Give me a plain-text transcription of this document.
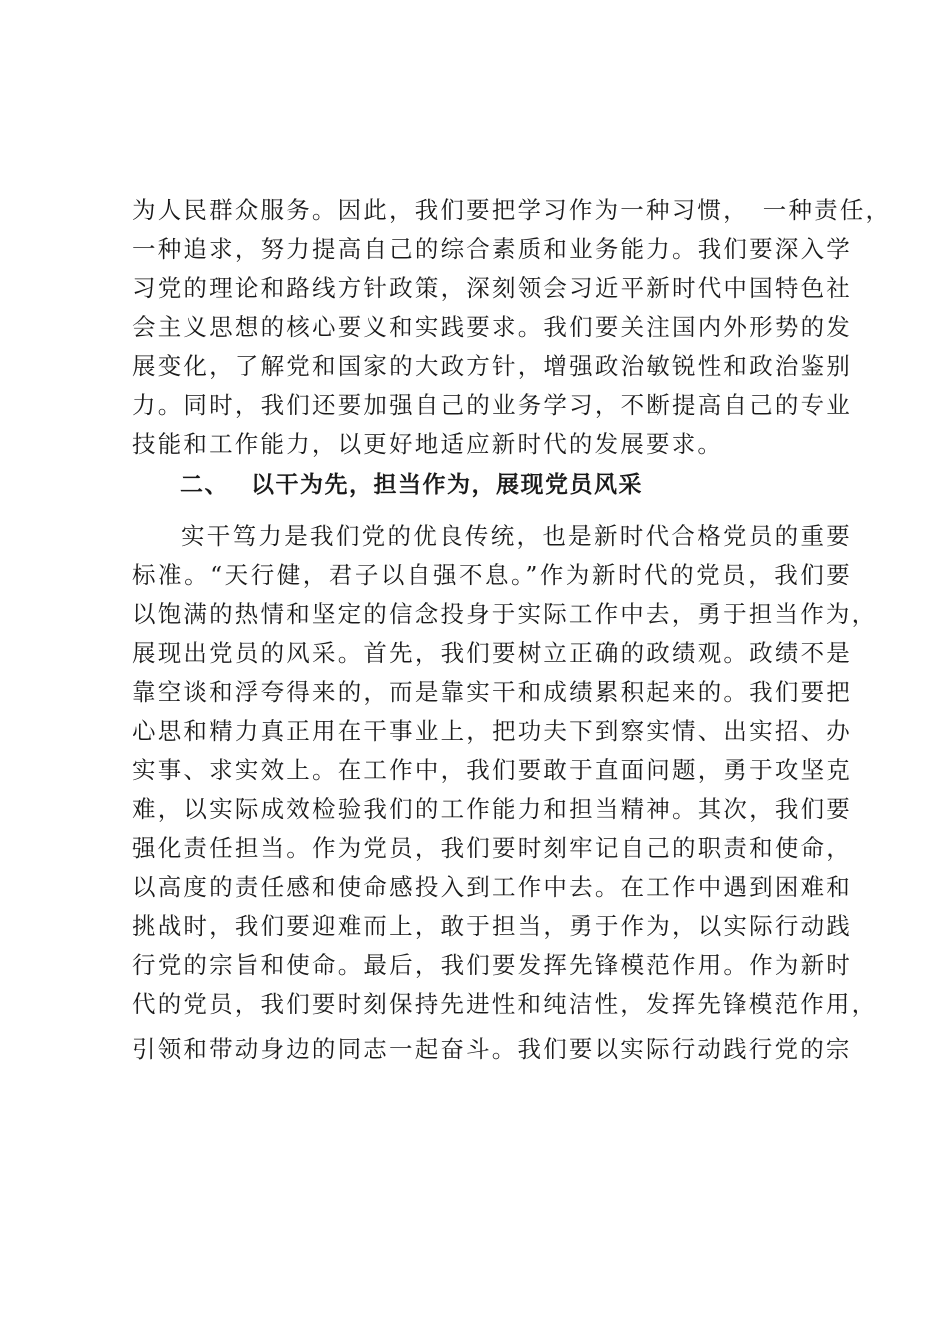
为人民群众服务。因此，我们要把学习作为一种习惯，　一种责任，
一种追求，努力提高自己的综合素质和业务能力。我们要深入学
习党的理论和路线方针政策，深刻领会习近平新时代中国特色社
会主义思想的核心要义和实践要求。我们要关注国内外形势的发
展变化，了解党和国家的大政方针，增强政治敏锐性和政治鉴别
力。同时，我们还要加强自己的业务学习，不断提高自己的专业
技能和工作能力，以更好地适应新时代的发展要求。
二、 以干为先，担当作为，展现党员风采
实干笃力是我们党的优良传统，也是新时代合格党员的重要
标准。“天行健，君子以自强不息。”作为新时代的党员，我们要
以饱满的热情和坚定的信念投身于实际工作中去，勇于担当作为，
展现出党员的风采。首先，我们要树立正确的政绩观。政绩不是
靠空谈和浮夸得来的，而是靠实干和成绩累积起来的。我们要把
心思和精力真正用在干事业上，把功夫下到察实情、出实招、办
实事、求实效上。在工作中，我们要敢于直面问题，勇于攻坚克
难，以实际成效检验我们的工作能力和担当精神。其次，我们要
强化责任担当。作为党员，我们要时刻牢记自己的职责和使命，
以高度的责任感和使命感投入到工作中去。在工作中遇到困难和
挑战时，我们要迎难而上，敢于担当，勇于作为，以实际行动践
行党的宗旨和使命。最后，我们要发挥先锋模范作用。作为新时
代的党员，我们要时刻保持先进性和纯洁性，发挥先锋模范作用，
引领和带动身边的同志一起奋斗。我们要以实际行动践行党的宗
